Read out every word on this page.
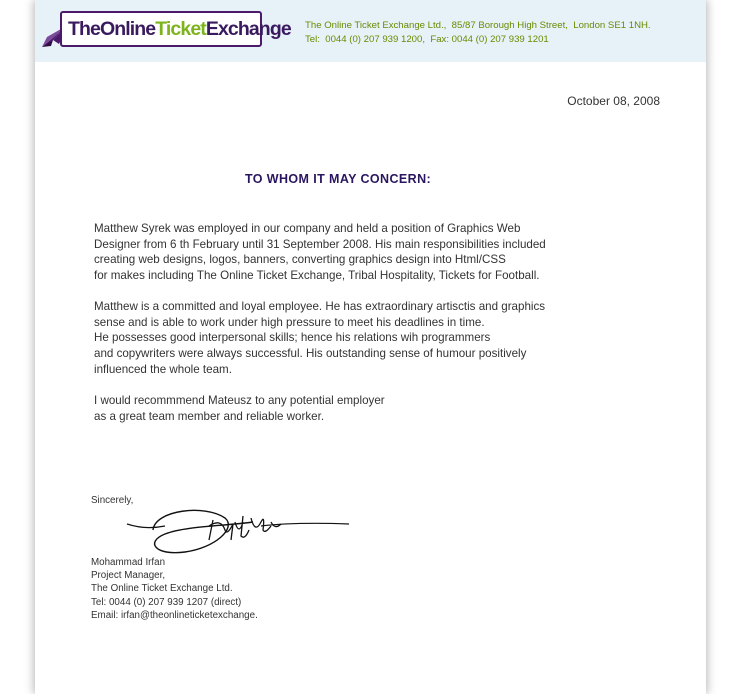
TheOnlineTicketExchange The Online Ticket Exchange Ltd.,  85/87 Borough High Street,  London SE1 1NH.
Tel:  0044 (0) 207 939 1200,  Fax: 0044 (0) 207 939 1201
October 08, 2008
TO WHOM IT MAY CONCERN:
Matthew Syrek was employed in our company and held a position of Graphics Web
Designer from 6 th February until 31 September 2008. His main responsibilities included
creating web designs, logos, banners, converting graphics design into Html/CSS
for makes including The Online Ticket Exchange, Tribal Hospitality, Tickets for Football.
Matthew is a committed and loyal employee. He has extraordinary artisctis and graphics
sense and is able to work under high pressure to meet his deadlines in time.
He possesses good interpersonal skills; hence his relations wih programmers
and copywriters were always successful. His outstanding sense of humour positively
influenced the whole team.
I would recommmend Mateusz to any potential employer
as a great team member and reliable worker.
Sincerely,
Mohammad Irfan
Project Manager,
The Online Ticket Exchange Ltd.
Tel: 0044 (0) 207 939 1207 (direct)
Email: irfan@theonlineticketexchange.
